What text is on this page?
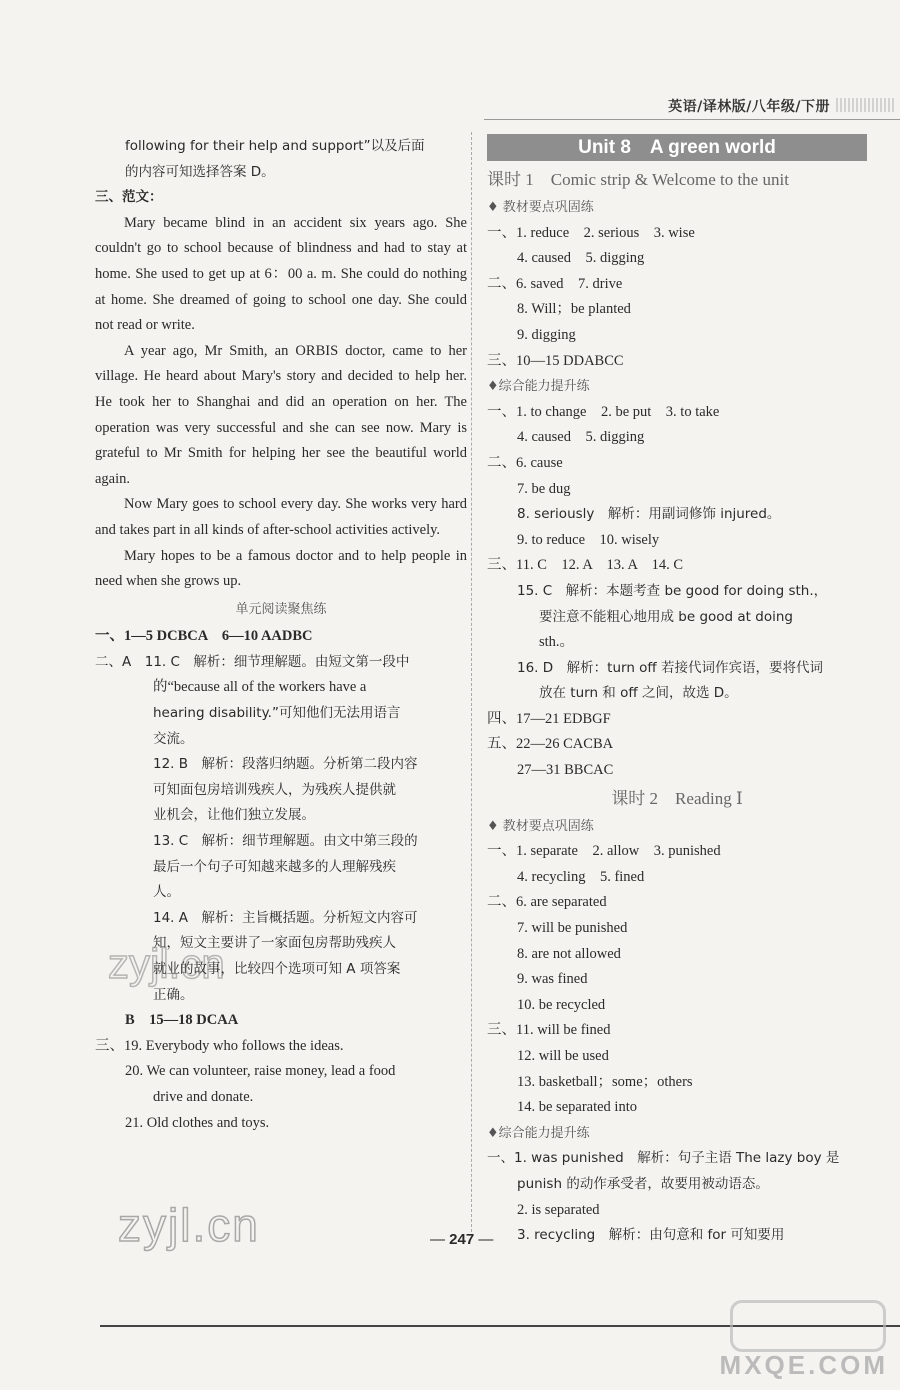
英语/译林版/八年级/下册
zyjl.cn
following for their help and support”以及后面
的内容可知选择答案 D。
三、范文：
Mary became blind in an accident six years ago. She couldn't go to school because of blindness and had to stay at home. She used to get up at 6：00 a. m. She could do nothing at home. She dreamed of going to school one day. She could not read or write.
A year ago, Mr Smith, an ORBIS doctor, came to her village. He heard about Mary's story and decided to help her. He took her to Shanghai and did an operation on her. The operation was very successful and she can see now. Mary is grateful to Mr Smith for helping her see the beautiful world again.
Now Mary goes to school every day. She works very hard and takes part in all kinds of after-school activities actively.
Mary hopes to be a famous doctor and to help people in need when she grows up.
单元阅读聚焦练
一、1—5 DCBCA　6—10 AADBC
二、A　11. C　解析：细节理解题。由短文第一段中
的“because all of the workers have a
hearing disability.”可知他们无法用语言
交流。
12. B　解析：段落归纳题。分析第二段内容
可知面包房培训残疾人，为残疾人提供就
业机会，让他们独立发展。
13. C　解析：细节理解题。由文中第三段的
最后一个句子可知越来越多的人理解残疾
人。
14. A　解析：主旨概括题。分析短文内容可
知，短文主要讲了一家面包房帮助残疾人
就业的故事，比较四个选项可知 A 项答案
正确。
B　15—18 DCAA
三、19. Everybody who follows the ideas.
20. We can volunteer, raise money, lead a food
drive and donate.
21. Old clothes and toys.
Unit 8　A green world
课时 1　Comic strip & Welcome to the unit
♦ 教材要点巩固练
一、1. reduce　2. serious　3. wise
4. caused　5. digging
二、6. saved　7. drive
8. Will；be planted
9. digging
三、10—15 DDABCC
♦综合能力提升练
一、1. to change　2. be put　3. to take
4. caused　5. digging
二、6. cause
7. be dug
8. seriously　解析：用副词修饰 injured。
9. to reduce　10. wisely
三、11. C　12. A　13. A　14. C
15. C　解析：本题考查 be good for doing sth.，
要注意不能粗心地用成 be good at doing
sth.。
16. D　解析：turn off 若接代词作宾语，要将代词
放在 turn 和 off 之间，故选 D。
四、17—21 EDBGF
五、22—26 CACBA
27—31 BBCAC
课时 2　Reading Ⅰ
♦ 教材要点巩固练
一、1. separate　2. allow　3. punished
4. recycling　5. fined
二、6. are separated
7. will be punished
8. are not allowed
9. was fined
10. be recycled
三、11. will be fined
12. will be used
13. basketball；some；others
14. be separated into
♦综合能力提升练
一、1. was punished　解析：句子主语 The lazy boy 是
punish 的动作承受者，故要用被动语态。
2. is separated
3. recycling　解析：由句意和 for 可知要用
— 247 —
zyjl.cn
MXQE.COM
